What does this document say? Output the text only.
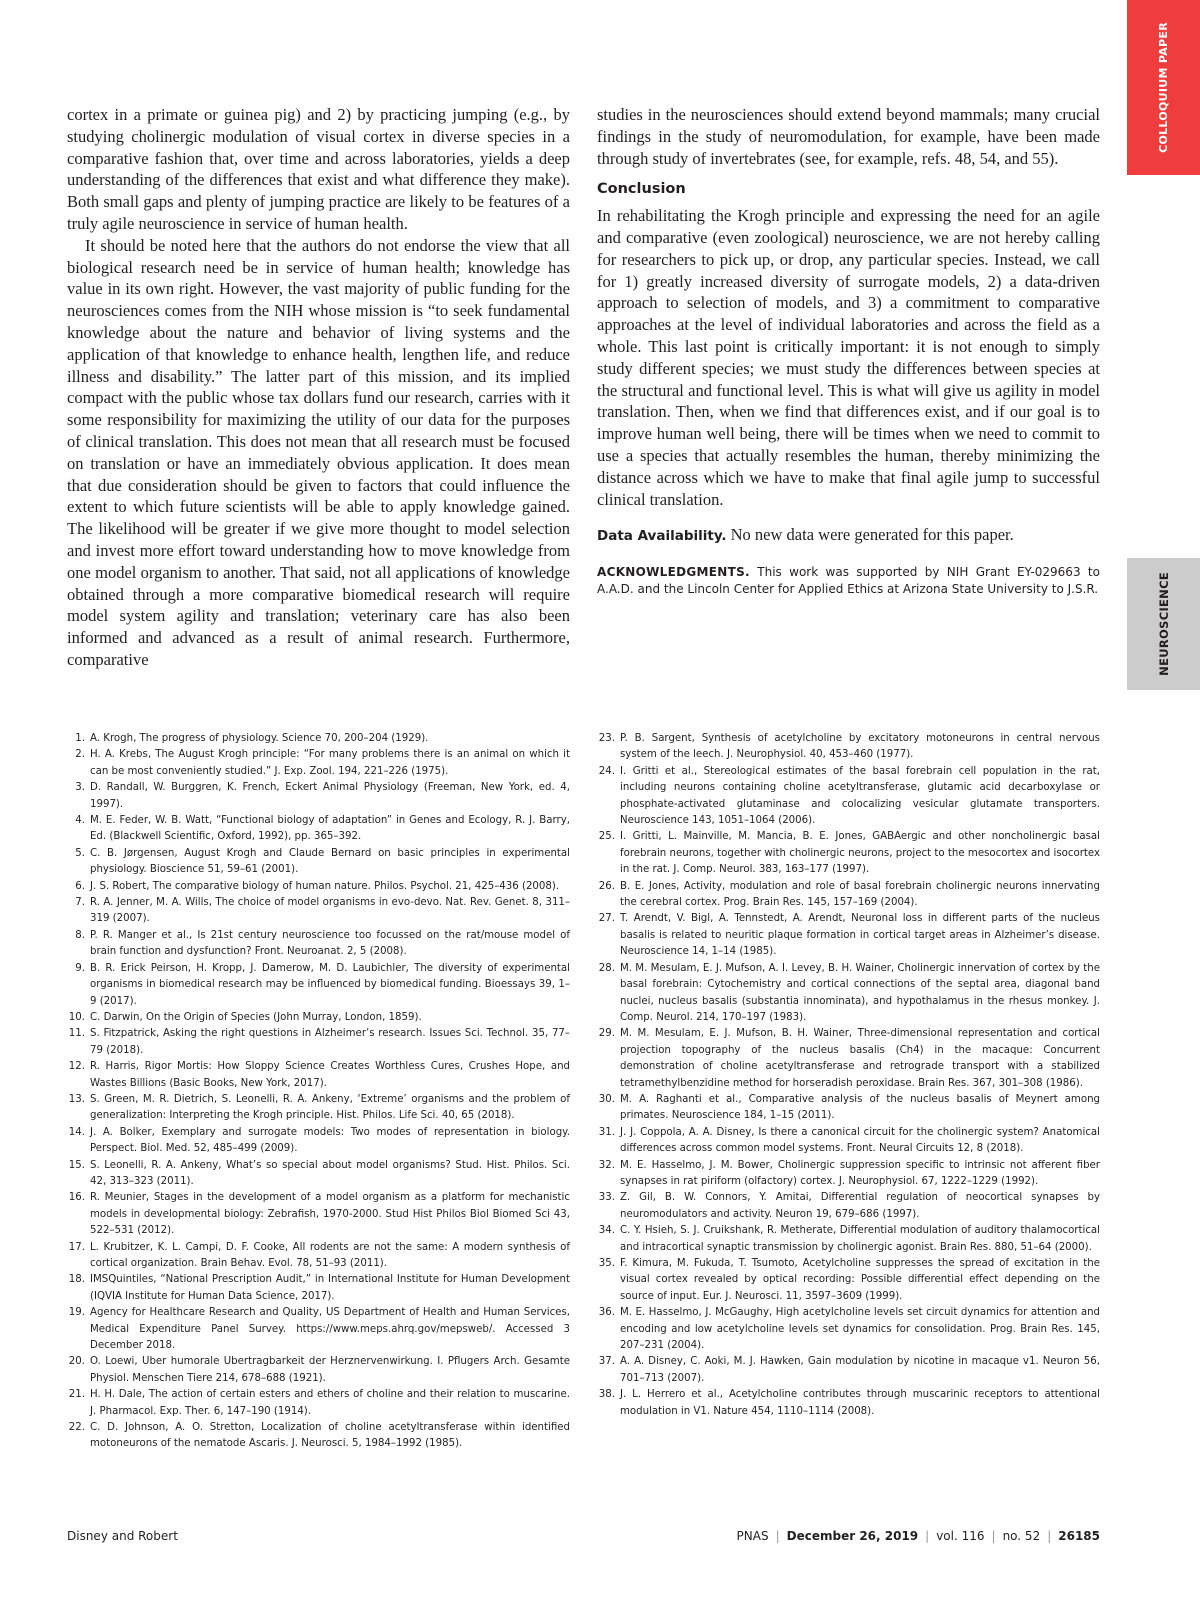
COLLOQUIUM PAPER
NEUROSCIENCE

cortex in a primate or guinea pig) and 2) by practicing jumping (e.g., by studying cholinergic modulation of visual cortex in diverse species in a comparative fashion that, over time and across laboratories, yields a deep understanding of the differences that exist and what difference they make). Both small gaps and plenty of jumping practice are likely to be features of a truly agile neuroscience in service of human health.

It should be noted here that the authors do not endorse the view that all biological research need be in service of human health; knowledge has value in its own right. However, the vast majority of public funding for the neurosciences comes from the NIH whose mission is “to seek fundamental knowledge about the nature and behavior of living systems and the application of that knowledge to enhance health, lengthen life, and reduce illness and disability.” The latter part of this mission, and its implied compact with the public whose tax dollars fund our research, carries with it some responsibility for maximizing the utility of our data for the purposes of clinical translation. This does not mean that all research must be focused on translation or have an immediately obvious application. It does mean that due consideration should be given to factors that could influence the extent to which future scientists will be able to apply knowledge gained. The likelihood will be greater if we give more thought to model selection and invest more effort toward understanding how to move knowledge from one model organism to another. That said, not all applications of knowledge obtained through a more comparative biomedical research will require model system agility and translation; veterinary care has also been informed and advanced as a result of animal research. Furthermore, comparative

studies in the neurosciences should extend beyond mammals; many crucial findings in the study of neuromodulation, for example, have been made through study of invertebrates (see, for example, refs. 48, 54, and 55).

Conclusion

In rehabilitating the Krogh principle and expressing the need for an agile and comparative (even zoological) neuroscience, we are not hereby calling for researchers to pick up, or drop, any particular species. Instead, we call for 1) greatly increased diversity of surrogate models, 2) a data-driven approach to selection of models, and 3) a commitment to comparative approaches at the level of individual laboratories and across the field as a whole. This last point is critically important: it is not enough to simply study different species; we must study the differences between species at the structural and functional level. This is what will give us agility in model translation. Then, when we find that differences exist, and if our goal is to improve human well being, there will be times when we need to commit to use a species that actually resembles the human, thereby minimizing the distance across which we have to make that final agile jump to successful clinical translation.

Data Availability. No new data were generated for this paper.

ACKNOWLEDGMENTS. This work was supported by NIH Grant EY-029663 to A.A.D. and the Lincoln Center for Applied Ethics at Arizona State University to J.S.R.

1. A. Krogh, The progress of physiology. Science 70, 200–204 (1929).
2. H. A. Krebs, The August Krogh principle: “For many problems there is an animal on which it can be most conveniently studied.” J. Exp. Zool. 194, 221–226 (1975).
3. D. Randall, W. Burggren, K. French, Eckert Animal Physiology (Freeman, New York, ed. 4, 1997).
4. M. E. Feder, W. B. Watt, “Functional biology of adaptation” in Genes and Ecology, R. J. Barry, Ed. (Blackwell Scientific, Oxford, 1992), pp. 365–392.
5. C. B. Jørgensen, August Krogh and Claude Bernard on basic principles in experimental physiology. Bioscience 51, 59–61 (2001).
6. J. S. Robert, The comparative biology of human nature. Philos. Psychol. 21, 425–436 (2008).
7. R. A. Jenner, M. A. Wills, The choice of model organisms in evo-devo. Nat. Rev. Genet. 8, 311–319 (2007).
8. P. R. Manger et al., Is 21st century neuroscience too focussed on the rat/mouse model of brain function and dysfunction? Front. Neuroanat. 2, 5 (2008).
9. B. R. Erick Peirson, H. Kropp, J. Damerow, M. D. Laubichler, The diversity of experimental organisms in biomedical research may be influenced by biomedical funding. Bioessays 39, 1–9 (2017).
10. C. Darwin, On the Origin of Species (John Murray, London, 1859).
11. S. Fitzpatrick, Asking the right questions in Alzheimer’s research. Issues Sci. Technol. 35, 77–79 (2018).
12. R. Harris, Rigor Mortis: How Sloppy Science Creates Worthless Cures, Crushes Hope, and Wastes Billions (Basic Books, New York, 2017).
13. S. Green, M. R. Dietrich, S. Leonelli, R. A. Ankeny, ‘Extreme’ organisms and the problem of generalization: Interpreting the Krogh principle. Hist. Philos. Life Sci. 40, 65 (2018).
14. J. A. Bolker, Exemplary and surrogate models: Two modes of representation in biology. Perspect. Biol. Med. 52, 485–499 (2009).
15. S. Leonelli, R. A. Ankeny, What’s so special about model organisms? Stud. Hist. Philos. Sci. 42, 313–323 (2011).
16. R. Meunier, Stages in the development of a model organism as a platform for mechanistic models in developmental biology: Zebrafish, 1970-2000. Stud Hist Philos Biol Biomed Sci 43, 522–531 (2012).
17. L. Krubitzer, K. L. Campi, D. F. Cooke, All rodents are not the same: A modern synthesis of cortical organization. Brain Behav. Evol. 78, 51–93 (2011).
18. IMSQuintiles, “National Prescription Audit,” in International Institute for Human Development (IQVIA Institute for Human Data Science, 2017).
19. Agency for Healthcare Research and Quality, US Department of Health and Human Services, Medical Expenditure Panel Survey. https://www.meps.ahrq.gov/mepsweb/. Accessed 3 December 2018.
20. O. Loewi, Uber humorale Ubertragbarkeit der Herznervenwirkung. I. Pflugers Arch. Gesamte Physiol. Menschen Tiere 214, 678–688 (1921).
21. H. H. Dale, The action of certain esters and ethers of choline and their relation to muscarine. J. Pharmacol. Exp. Ther. 6, 147–190 (1914).
22. C. D. Johnson, A. O. Stretton, Localization of choline acetyltransferase within identified motoneurons of the nematode Ascaris. J. Neurosci. 5, 1984–1992 (1985).
23. P. B. Sargent, Synthesis of acetylcholine by excitatory motoneurons in central nervous system of the leech. J. Neurophysiol. 40, 453–460 (1977).
24. I. Gritti et al., Stereological estimates of the basal forebrain cell population in the rat, including neurons containing choline acetyltransferase, glutamic acid decarboxylase or phosphate-activated glutaminase and colocalizing vesicular glutamate transporters. Neuroscience 143, 1051–1064 (2006).
25. I. Gritti, L. Mainville, M. Mancia, B. E. Jones, GABAergic and other noncholinergic basal forebrain neurons, together with cholinergic neurons, project to the mesocortex and isocortex in the rat. J. Comp. Neurol. 383, 163–177 (1997).
26. B. E. Jones, Activity, modulation and role of basal forebrain cholinergic neurons innervating the cerebral cortex. Prog. Brain Res. 145, 157–169 (2004).
27. T. Arendt, V. Bigl, A. Tennstedt, A. Arendt, Neuronal loss in different parts of the nucleus basalis is related to neuritic plaque formation in cortical target areas in Alzheimer’s disease. Neuroscience 14, 1–14 (1985).
28. M. M. Mesulam, E. J. Mufson, A. I. Levey, B. H. Wainer, Cholinergic innervation of cortex by the basal forebrain: Cytochemistry and cortical connections of the septal area, diagonal band nuclei, nucleus basalis (substantia innominata), and hypothalamus in the rhesus monkey. J. Comp. Neurol. 214, 170–197 (1983).
29. M. M. Mesulam, E. J. Mufson, B. H. Wainer, Three-dimensional representation and cortical projection topography of the nucleus basalis (Ch4) in the macaque: Concurrent demonstration of choline acetyltransferase and retrograde transport with a stabilized tetramethylbenzidine method for horseradish peroxidase. Brain Res. 367, 301–308 (1986).
30. M. A. Raghanti et al., Comparative analysis of the nucleus basalis of Meynert among primates. Neuroscience 184, 1–15 (2011).
31. J. J. Coppola, A. A. Disney, Is there a canonical circuit for the cholinergic system? Anatomical differences across common model systems. Front. Neural Circuits 12, 8 (2018).
32. M. E. Hasselmo, J. M. Bower, Cholinergic suppression specific to intrinsic not afferent fiber synapses in rat piriform (olfactory) cortex. J. Neurophysiol. 67, 1222–1229 (1992).
33. Z. Gil, B. W. Connors, Y. Amitai, Differential regulation of neocortical synapses by neuromodulators and activity. Neuron 19, 679–686 (1997).
34. C. Y. Hsieh, S. J. Cruikshank, R. Metherate, Differential modulation of auditory thalamocortical and intracortical synaptic transmission by cholinergic agonist. Brain Res. 880, 51–64 (2000).
35. F. Kimura, M. Fukuda, T. Tsumoto, Acetylcholine suppresses the spread of excitation in the visual cortex revealed by optical recording: Possible differential effect depending on the source of input. Eur. J. Neurosci. 11, 3597–3609 (1999).
36. M. E. Hasselmo, J. McGaughy, High acetylcholine levels set circuit dynamics for attention and encoding and low acetylcholine levels set dynamics for consolidation. Prog. Brain Res. 145, 207–231 (2004).
37. A. A. Disney, C. Aoki, M. J. Hawken, Gain modulation by nicotine in macaque v1. Neuron 56, 701–713 (2007).
38. J. L. Herrero et al., Acetylcholine contributes through muscarinic receptors to attentional modulation in V1. Nature 454, 1110–1114 (2008).
Disney and Robert	PNAS | December 26, 2019 | vol. 116 | no. 52 | 26185
